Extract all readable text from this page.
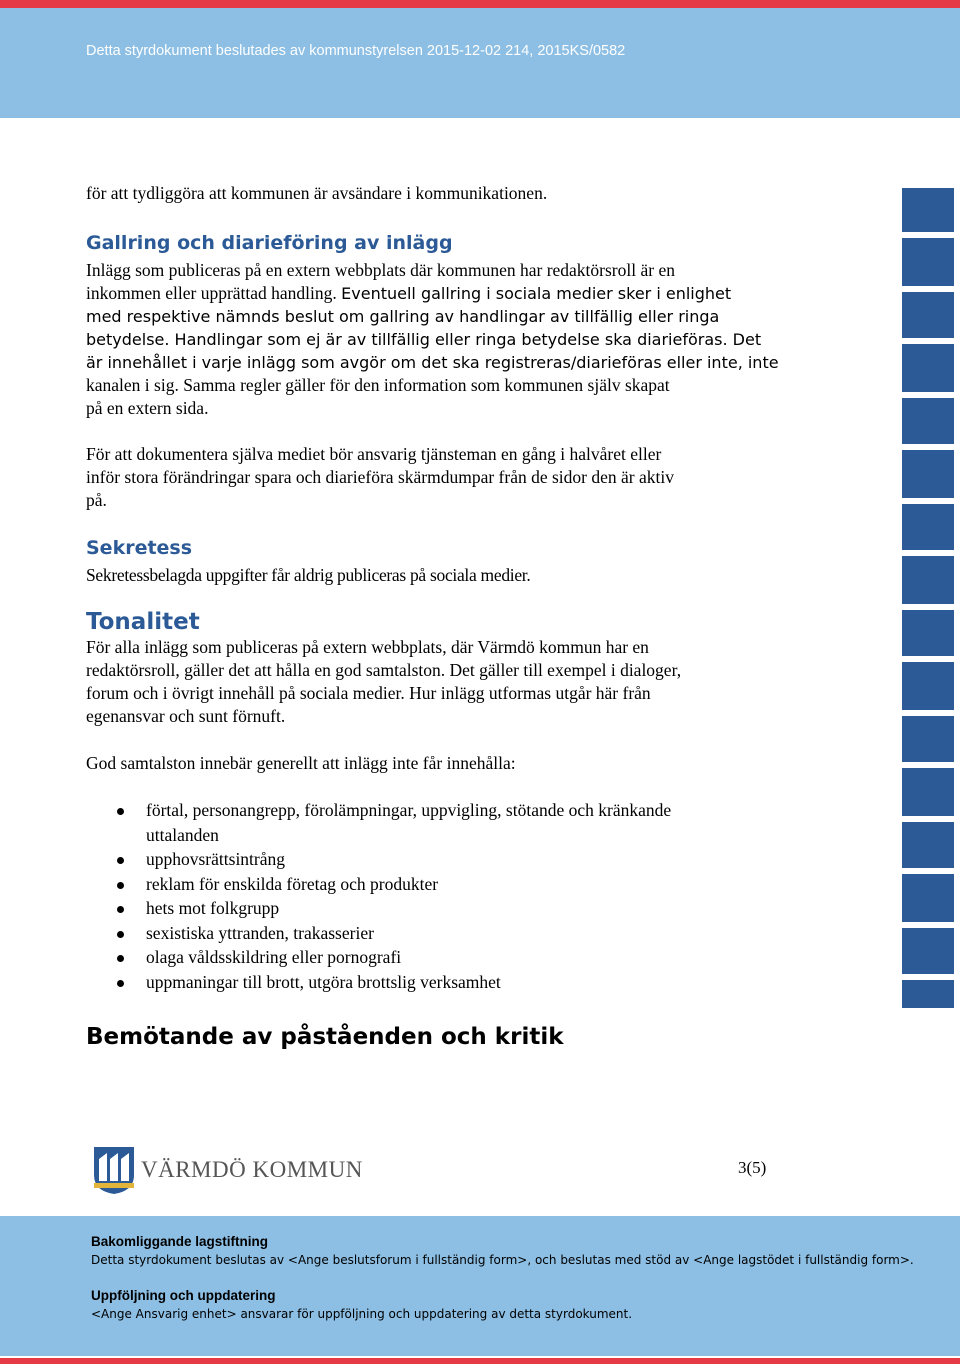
Detta styrdokument beslutades av kommunstyrelsen 2015-12-02 214, 2015KS/0582

för att tydliggöra att kommunen är avsändare i kommunikationen.

Gallring och diarieföring av inlägg

Inlägg som publiceras på en extern webbplats där kommunen har redaktörsroll är en

inkommen eller upprättad handling. Eventuell gallring i sociala medier sker i enlighet

med respektive nämnds beslut om gallring av handlingar av tillfällig eller ringa

betydelse. Handlingar som ej är av tillfällig eller ringa betydelse ska diarieföras. Det

är innehållet i varje inlägg som avgör om det ska registreras/diarieföras eller inte, inte

kanalen i sig. Samma regler gäller för den information som kommunen själv skapat

på en extern sida.

För att dokumentera själva mediet bör ansvarig tjänsteman en gång i halvåret eller

inför stora förändringar spara och diarieföra skärmdumpar från de sidor den är aktiv

på.

Sekretess

Sekretessbelagda uppgifter får aldrig publiceras på sociala medier.

Tonalitet

För alla inlägg som publiceras på extern webbplats, där Värmdö kommun har en

redaktörsroll, gäller det att hålla en god samtalston. Det gäller till exempel i dialoger,

forum och i övrigt innehåll på sociala medier. Hur inlägg utformas utgår här från

egenansvar och sunt förnuft.

God samtalston innebär generellt att inlägg inte får innehålla:

förtal, personangrepp, förolämpningar, uppvigling, stötande och kränkande
uttalanden
upphovsrättsintrång
reklam för enskilda företag och produkter
hets mot folkgrupp
sexistiska yttranden, trakasserier
olaga våldsskildring eller pornografi
uppmaningar till brott, utgöra brottslig verksamhet
Bemötande av påståenden och kritik
VÄRMDÖ KOMMUN	3(5)
Bakomliggande lagstiftning
Detta styrdokument beslutas av <Ange beslutsforum i fullständig form>, och beslutas med stöd av <Ange lagstödet i fullständig form>.
Uppföljning och uppdatering
<Ange Ansvarig enhet> ansvarar för uppföljning och uppdatering av detta styrdokument.
